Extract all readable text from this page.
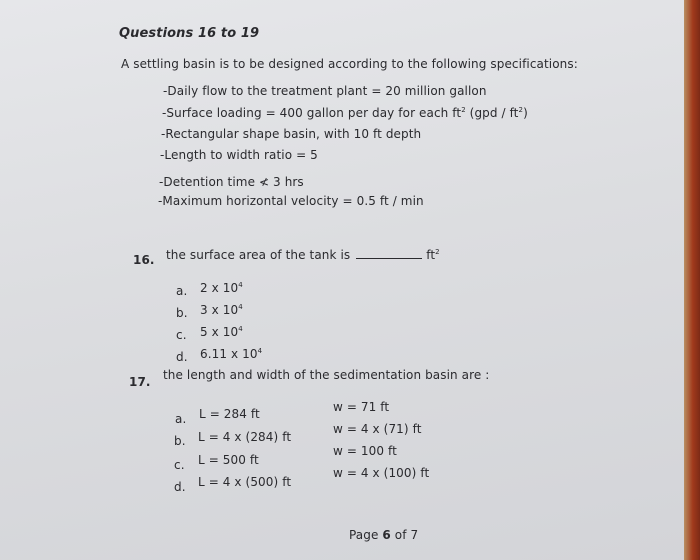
Questions 16 to 19
A settling basin is to be designed according to the following specifications:
-Daily flow to the treatment plant = 20 million gallon
-Surface loading = 400 gallon per day for each $ft^2$ $(gpd / ft^2)$
-Rectangular shape basin, with 10 ft depth
-Length to width ratio = 5
-Detention time ≮ 3 hrs
-Maximum horizontal velocity = 0.5 ft / min
16. the surface area of the tank is	$ft^2$
a. 2 x $10^4$
b. 3 x $10^4$
c. 5 x $10^4$
d. 6.11 x $10^4$
17. the length and width of the sedimentation basin are :
a. L = 284 ft	w = 71 ft
b. L = 4 x (284) ft
w = 4 x (71) ft
c. L = 500 ft
w = 100 ft
d. L = 4 x (500) ft
w = 4 x (100) ft
Page 6 of 7
